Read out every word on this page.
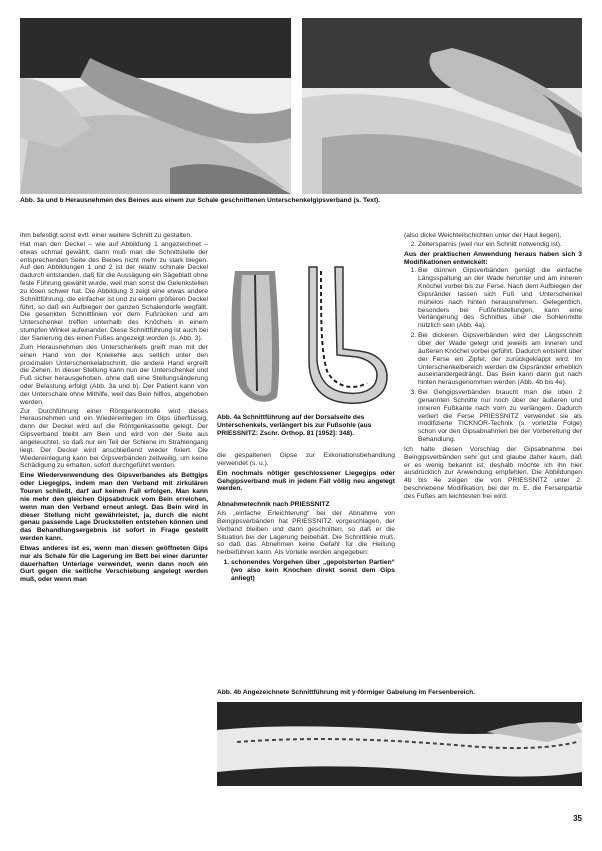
Abb. 3a und b Herausnehmen des Beines aus einem zur Schale geschnittenen Unterschenkelgipsverband (s. Text).

ihm befestigt sonst evtl. einer weitere Schnitt zu gestalten.

Hat man den Deckel – wie auf Abbildung 1 angezeichnet – etwas schmal gewählt, dann muß man die Schnittstelle der entsprechenden Seite des Beines nicht mehr zu stark biegen. Auf den Abbildungen 1 und 2 ist der relativ schmale Deckel dadurch entstanden, daß für die Aussägung ein Sägeblatt ohne feste Führung gewählt wurde, weil man sonst die Gelenkstellen zu lösen schwer hat. Die Abbildung 3 zeigt eine etwas andere Schnittführung, die einfacher ist und zu einem größeren Deckel führt, so daß ein Aufbiegen der ganzen Schalendorfe wegfällt. Die gesenkten Schnittlinien vor dem Fußrücken und am Unterschenkel treffen unterhalb des Knöchels in einem stumpfen Winkel aufeinander. Diese Schnittführung ist auch bei der Sanierung des einen Fußes angezeigt worden (s. Abb. 3).

Zum Herausnehmen des Unterschenkels greift man mit der einen Hand von der Kniekehle aus seitlich unter den proximalen Unterschenkelabschnitt, die andere Hand ergreift die Zehen. In dieser Stellung kann nun der Unterschenkel und Fuß sicher herausgehoben, ohne daß eine Stellungsänderung oder Belastung erfolgt (Abb. 3a und b). Der Patient kann von der Unterschale ohne Mithilfe, weil das Bein hilflos, abgehoben werden.

Zur Durchführung einer Röntgenkontrolle wird dieses Herausnehmen und ein Wiedereinlegen im Gips überflüssig, denn der Deckel wird auf die Röntgenkassette gelegt. Der Gipsverband bleibt am Bein und wird von der Seite aus angeleuchtet, so daß nur ein Teil der Schiene im Strahlengang liegt. Der Deckel wird anschließend wieder fixiert. Die Wiedereinlegung kann bei Gipsverbänden zeitweilig, um keine Schädigung zu erhalten, sofort durchgeführt werden.

Eine Wiederverwendung des Gipsverbandes als Bettgips oder Liegegips, indem man den Verband mit zirkulären Touren schließt, darf auf keinen Fall erfolgen. Man kann nie mehr den gleichen Gipsabdruck vom Bein erreichen, wenn man den Verband erneut anlegt. Das Bein wird in dieser Stellung nicht gewährleistet, ja, durch die nicht genau passende Lage Druckstellen entstehen können und das Behandlungsergebnis ist sofort in Frage gestellt werden kann.

Etwas anderes ist es, wenn man diesen geöffneten Gips nur als Schale für die Lagerung im Bett bei einer darunter dauerhaften Unterlage verwendet, wenn dann noch ein Gurt gegen die seitliche Verschiebung angelegt werden muß, oder wenn man

Abb. 4a Schnittführung auf der Dorsalseite des Unterschenkels, verlängert bis zur Fußsohle (aus PRIESSNITZ: Zschr. Orthop. 81 [1952]: 348).

die gespaltenen Gipse zur Exkoriationsbehandlung verwendet (s. u.).

Ein nochmals nötiger geschlossener Liegegips oder Gehgipsverband muß in jedem Fall völlig neu angelegt werden.

Abnahmetechnik nach PRIESSNITZ

Als „einfache Erleichterung“ bei der Abnahme von Beingipsverbänden hat PRIESSNITZ vorgeschlagen, der Verband bleiben und dann geschnitten, so daß er die Situation bei der Lagerung beibehält. Die Schnittlinie muß, so daß das Abnehmen keine Gefahr für die Heilung herbeiführen kann. Als Vorteile werden angegeben:

1. schonendes Vorgehen über „gepolsterten Partien“ (wo also kein Knochen direkt sonst dem Gips anliegt)

(also dicke Weichteilschichten unter der Haut liegen),

2. Zeitersparnis (weil nur ein Schnitt notwendig ist).

Aus der praktischen Anwendung heraus haben sich 3 Modifikationen entwickelt:

1. Bei dünnen Gipsverbänden genügt die einfache Längsspaltung an der Wade herunter und am inneren Knöchel vorbei bis zur Ferse. Nach dem Aufbiegen der Gipsränder lassen sich Fuß und Unterschenkel mühelos nach hinten herausnehmen. Gelegentlich, besonders bei Fußfehlstellungen, kann eine Verlängerung des Schnittes über die Sohlenmitte nützlich sein (Abb. 4a).
2. Bei dickeren Gipsverbänden wird der Längsschnitt über der Wade gelegt und jeweils am inneren und äußeren Knöchel vorbei geführt. Dadurch entsteht über der Ferse ein Zipfel, der zurückgeklappt wird. Im Unterschenkelbereich werden die Gipsränder erheblich auseinandergedrängt. Das Bein kann dann gut nach hinten herausgenommen werden (Abb. 4b bis 4e).
3. Bei Gehgipsverbänden braucht man die oben 2 genannten Schnitte nur noch über der äußeren und inneren Fußkante nach vorn zu verlängern. Dadurch verliert die Ferse PRIESSNITZ verwendet sie als modifizierte TICKNOR-Technik (s. vorletzte Folge) schon vor den Gipsabnahmen bei der Vorbereitung der Behandlung.

Ich halte diesen Vorschlag der Gipsabnahme bei Beingipsverbänden sehr gut und glaube daher kaum, daß er es wenig bekannt ist; deshalb möchte ich ihn hier ausdrücklich zur Anwendung empfehlen. Die Abbildungen 4b bis 4e zeigen die von PRIESSNITZ unter 2. beschriebene Modifikation, bei der m. E. die Fersenpartie des Fußes am leichtesten frei wird.

Abb. 4b Angezeichnete Schnittführung mit y-förmiger Gabelung im Fersenbereich.
35
